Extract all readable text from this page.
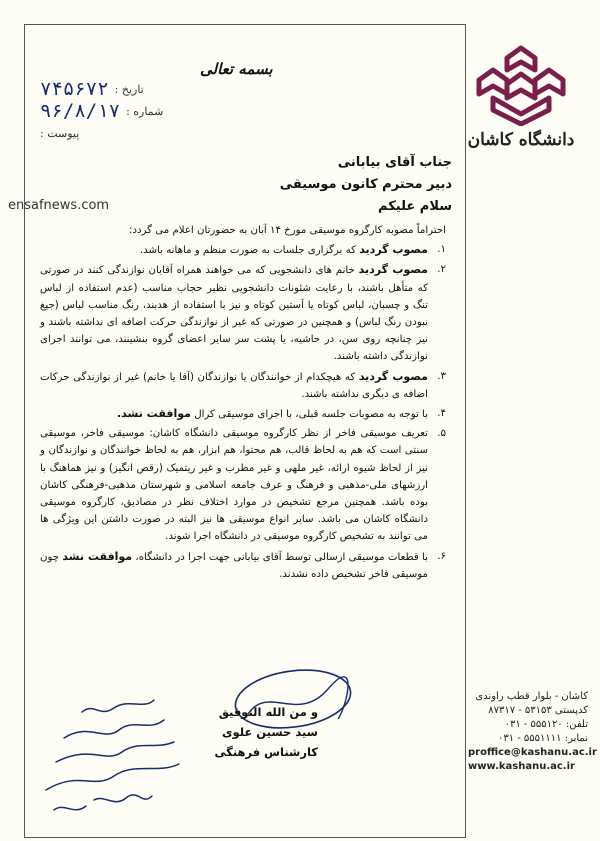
ensafnews.com
دانشگاه کاشان
بسمه تعالی
تاریخ :
۷۴۵۶۷۲
شماره :
۹۶/۸/۱۷
پیوست :
جناب آقای بیابانی
دبیر محترم کانون موسیقی
سلام علیکم
احتراماً مصوبه کارگروه موسیقی مورخ ۱۴ آبان به حضورتان اعلام می گردد:
۱.
مصوب گردید که برگزاری جلسات به صورت منظم و ماهانه باشد.
۲.
مصوب گردید خانم های دانشجویی که می خواهند همراه آقایان نوازندگی کنند در صورتی که متأهل باشند، با رعایت شئونات دانشجویی نظیر حجاب مناسب (عدم استفاده از لباس تنگ و چسبان، لباس کوتاه یا آستین کوتاه و نیز با استفاده از هدبند، رنگ مناسب لباس (جیغ نبودن رنگ لباس) و همچنین در صورتی که غیر از نوازندگی حرکت اضافه ای نداشته باشند و نیز چنانچه روی سن، در حاشیه، یا پشت سر سایر اعضای گروه بنشینند، می توانند اجرای نوازندگی داشته باشند.
۳.
مصوب گردید که هیچکدام از خوانندگان یا نوازندگان (آقا یا خانم) غیر از نوازندگی حرکات اضافه ی دیگری نداشته باشند.
۴.
با توجه به مصوبات جلسه قبلی، با اجرای موسیقی کرال موافقت نشد.
۵.
تعریف موسیقی فاخر از نظر کارگروه موسیقی دانشگاه کاشان: موسیقی فاخر، موسیقی سنتی است که هم به لحاظ قالب، هم محتوا، هم ابزار، هم به لحاظ خوانندگان و نوازندگان و نیز از لحاظ شیوه ارائه، غیر ملهی و غیر مطرب و غیر ریتمیک (رقص انگیز) و نیز هماهنگ با ارزشهای ملی-مذهبی و فرهنگ و عرف جامعه اسلامی و شهرستان مذهبی-فرهنگی کاشان بوده باشد. همچنین مرجع تشخیص در موارد اختلاف نظر در مصادیق، کارگروه موسیقی دانشگاه کاشان می باشد. سایر انواع موسیقی ها نیز البته در صورت داشتن این ویژگی ها می توانند به تشخیص کارگروه موسیقی در دانشگاه اجرا شوند.
۶.
با قطعات موسیقی ارسالی توسط آقای بیابانی جهت اجرا در دانشگاه، موافقت نشد چون موسیقی فاخر تشخیص داده نشدند.
و من الله التوفیق
سید حسین علوی
کارشناس فرهنگی
کاشان - بلوار قطب راوندی
کدپستی ۵۳۱۵۳ - ۸۷۳۱۷
تلفن: ۵۵۵۱۲۰ - ۰۳۱
نمابر: ۵۵۵۱۱۱۱ - ۰۳۱
proffice@kashanu.ac.ir
www.kashanu.ac.ir
